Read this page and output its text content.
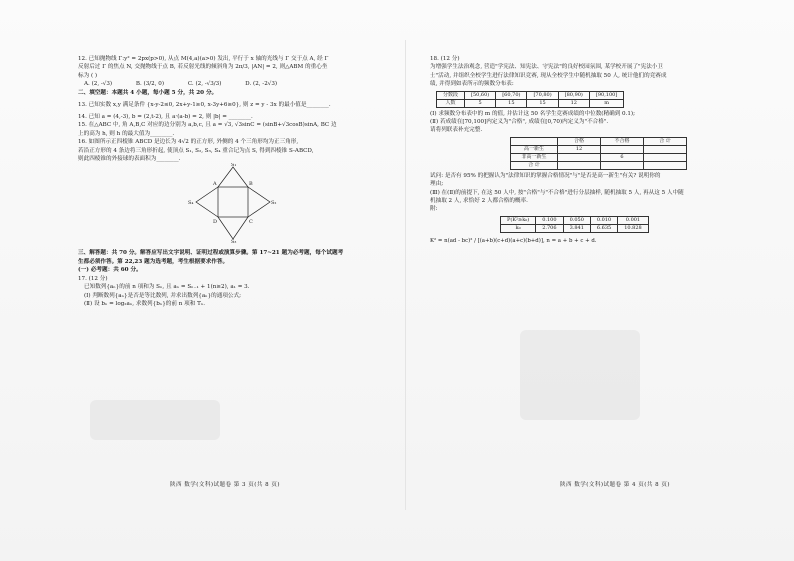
12. 已知抛物线 Γ:y² = 2px(p>0), 从点 M(4,a)(a>0) 发出, 平行于 x 轴的光线与 Γ 交于点 A, 经 Γ
反射后过 Γ 的焦点 N, 交抛物线于点 B, 若反射光线的倾斜角为 2π/3, |AN| = 2, 则△ABM 的重心坐
标为 ( )
A. (2, -√3)	B. (3/2, 0)	C. (2, -√3/3)	D. (2, -2√3)
二、填空题：本题共 4 小题，每小题 5 分，共 20 分。
13. 已知实数 x,y 满足条件 {x-y-2≤0, 2x+y-1≥0, x-3y+6≥0}, 则 z = y - 3x 的最小值是________.
14. 已知 a = (4,-3), b = (2,t-2), 且 a·(a-b) = 2, 则 |b| = ________.
15. 在△ABC 中, 角 A,B,C 对应的边分别为 a,b,c, 且 a = √3, √3sinC = (sinB+√3cosB)sinA, BC 边
上的高为 h, 则 h 的最大值为________.
16. 如图所示正四棱锥 ABCD 是边长为 4√2 的正方形, 外侧的 4 个三角形均为正三角形,
若沿正方形的 4 条边将三角形折起, 使顶点 S₁, S₂, S₃, S₄ 重合记为点 S, 得到四棱锥 S-ABCD,
则此四棱锥的外接球的表面积为________.
S₁
S₂
S₃
S₄
A	B
C
D
三、解答题：共 70 分。解答应写出文字说明、证明过程或演算步骤。第 17~21 题为必考题，每个试题考
生都必须作答。第 22,23 题为选考题，考生根据要求作答。
(一) 必考题：共 60 分。
17. (12 分)
已知数列{aₙ}的前 n 项和为 Sₙ, 且 aₙ = Sₙ₋₁ + 1(n≥2), a₁ = 3.
(Ⅰ) 判断数列{aₙ}是否是等比数列, 并求出数列{aₙ}的通项公式;
(Ⅱ) 设 bₙ = log₂aₙ, 求数列{bₙ}的前 n 项和 Tₙ.
陕西 数学(文科)试题卷 第 3 页(共 8 页)
18. (12 分)
为增强学生法治观念, 营造"学宪法、知宪法、守宪法"的良好校园氛围, 某学校开展了"宪法小卫
士"活动, 并组织全校学生进行法律知识竞赛, 现从全校学生中随机抽取 50 人, 统计他们的竞赛成
绩, 并得到如表所示的频数分布表:
分数段	[50,60)	[60,70)	[70,80)	[80,90)	[90,100]
人数	5	15	15	12	m
(Ⅰ) 求频数分布表中的 m 的值, 并估计这 50 名学生竞赛成绩的中位数(精确到 0.1);
(Ⅱ) 若成绩在[70,100]内定义为"合格", 成绩在[0,70)内定义为"不合格".
请将列联表补充完整.
	合格	不合格	合 计
高一新生	12		
非高一新生		6	
合 计			
试问: 是否有 95% 的把握认为"法律知识的掌握合格情况"与"是否是高一新生"有关? 说明你的
理由;
(Ⅲ) 在(Ⅱ)的前提下, 在这 50 人中, 按"合格"与"不合格"进行分层抽样, 随机抽取 5 人, 再从这 5 人中随
机抽取 2 人, 求恰好 2 人都合格的概率.
附:
P(K²≥k₀)	0.100	0.050	0.010	0.001
k₀	2.706	3.841	6.635	10.828
K² = n(ad - bc)² / [(a+b)(c+d)(a+c)(b+d)], n = a + b + c + d.
陕西 数学(文科)试题卷 第 4 页(共 8 页)
